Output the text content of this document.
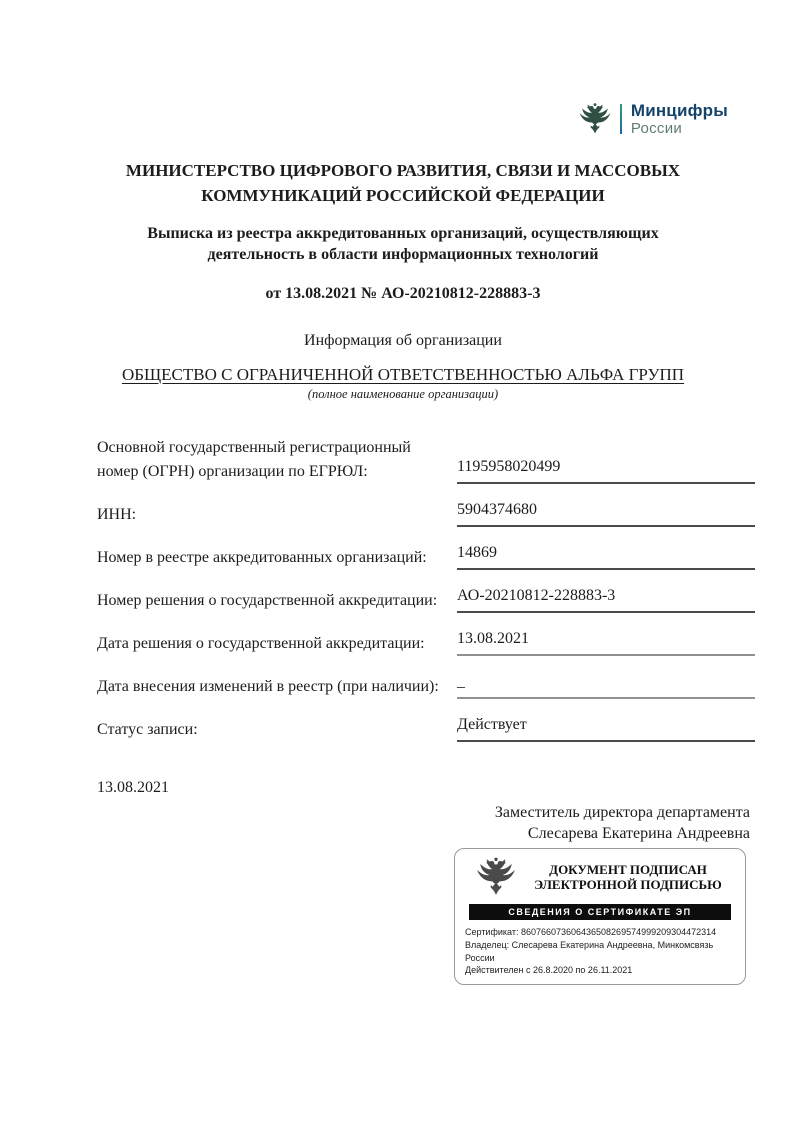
Минцифры
России
МИНИСТЕРСТВО ЦИФРОВОГО РАЗВИТИЯ, СВЯЗИ И МАССОВЫХ КОММУНИКАЦИЙ РОССИЙСКОЙ ФЕДЕРАЦИИ
Выписка из реестра аккредитованных организаций, осуществляющих деятельность в области информационных технологий
от 13.08.2021 № АО-20210812-228883-3
Информация об организации
ОБЩЕСТВО С ОГРАНИЧЕННОЙ ОТВЕТСТВЕННОСТЬЮ АЛЬФА ГРУПП
(полное наименование организации)
Основной государственный регистрационный номер (ОГРН) организации по ЕГРЮЛ:	1195958020499
ИНН:	5904374680
Номер в реестре аккредитованных организаций:	14869
Номер решения о государственной аккредитации:	АО-20210812-228883-3
Дата решения о государственной аккредитации:	13.08.2021
Дата внесения изменений в реестр (при наличии):	_
Статус записи:	Действует
13.08.2021
Заместитель директора департамента
Слесарева Екатерина Андреевна
ДОКУМЕНТ ПОДПИСАН
ЭЛЕКТРОННОЙ ПОДПИСЬЮ
СВЕДЕНИЯ О СЕРТИФИКАТЕ ЭП
Сертификат: 860766073606436508269574999209304472314
Владелец: Слесарева Екатерина Андреевна, Минкомсвязь России
Действителен с 26.8.2020 по 26.11.2021
